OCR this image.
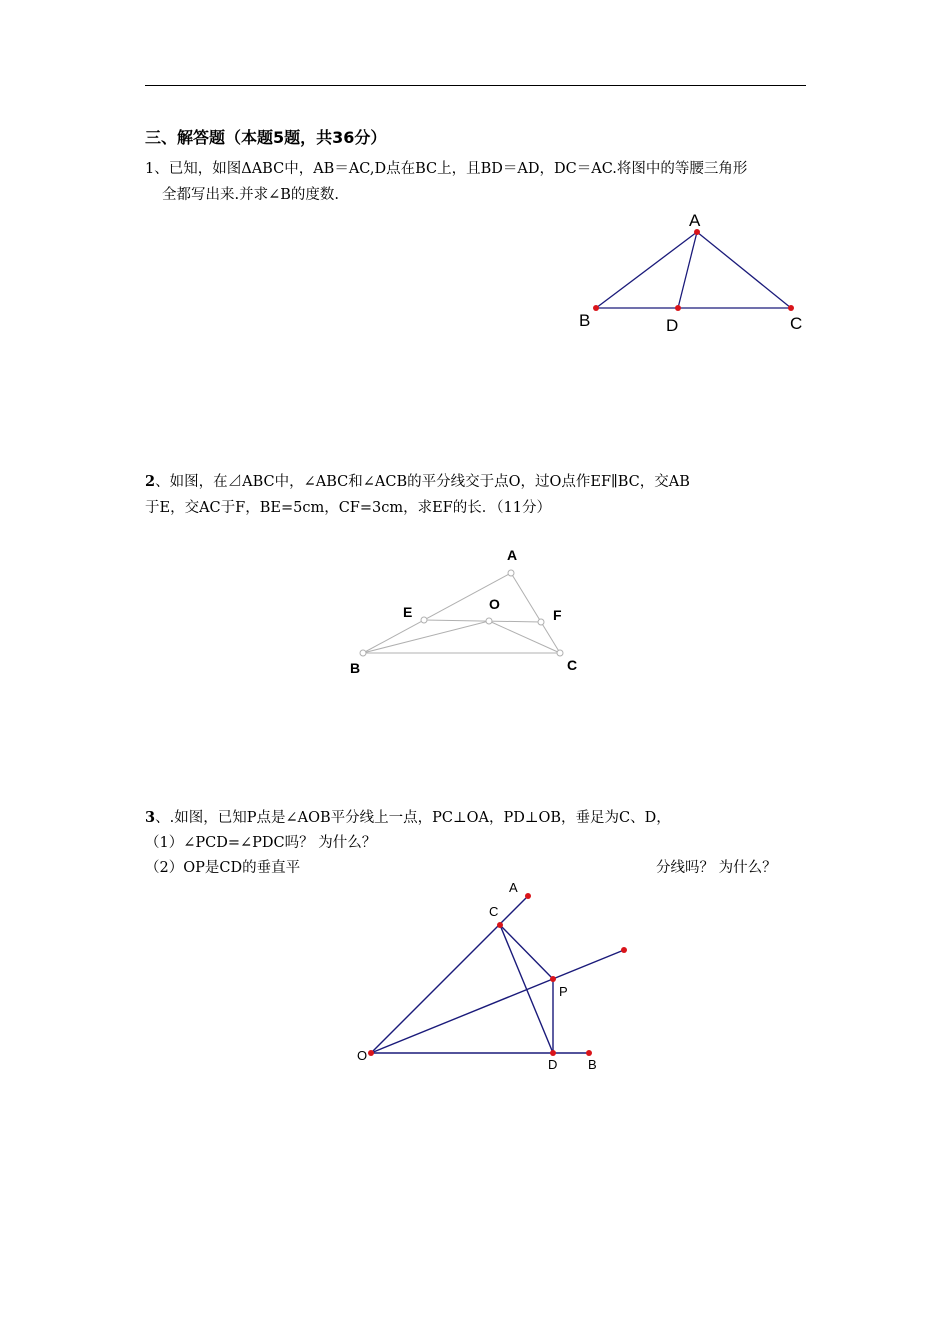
三、解答题（本题5题，共36分）
1、已知，如图ΔABC中，AB＝AC,D点在BC上，且BD＝AD，DC＝AC.将图中的等腰三角形
全都写出来.并求∠B的度数.
A
B	D	C
2、如图，在⊿ABC中，∠ABC和∠ACB的平分线交于点O，过O点作EF∥BC，交AB
于E，交AC于F，BE=5cm，CF=3cm，求EF的长．（11分）
A
E	O
F
B	C
3、.如图，已知P点是∠AOB平分线上一点，PC⊥OA，PD⊥OB，垂足为C、D，
（1）∠PCD=∠PDC吗？ 为什么？
（2）OP是CD的垂直平	分线吗？ 为什么？
A
C
P
O
D B
